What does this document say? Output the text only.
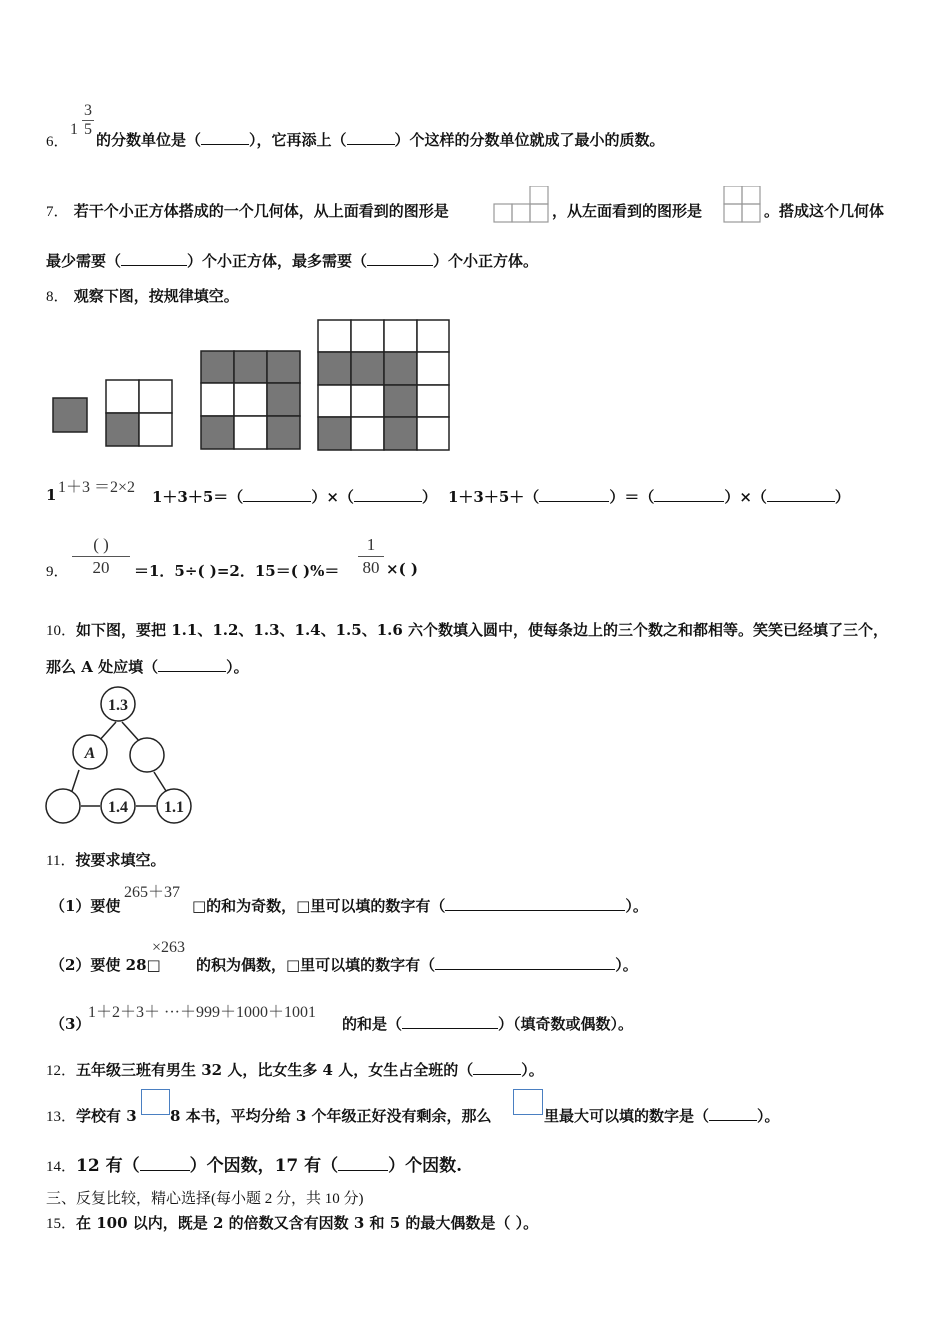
6．
$1 \frac{3}{5}$
的分数单位是（	），它再添上（	）个这样的分数单位就成了最小的质数。
7． 若干个小正方体搭成的一个几何体，从上面看到的图形是	，从左面看到的图形是	。搭成这个几何体
最少需要（	）个小正方体，最多需要（	）个小正方体。
8． 观察下图，按规律填空。
1 1＋3 ＝2×2
1＋3＋5＝（	）×（	） 1＋3＋5＋（	）＝（	）×（	）
9． $\frac{( )}{20} =1$．5÷( )=2．15＝( )%＝ $\frac{1}{80}$ ×( )
10．如下图，要把 1.1、1.2、1.3、1.4、1.5、1.6 六个数填入圆中，使每条边上的三个数之和都相等。笑笑已经填了三个，
那么 A 处应填（	）。
1.3
A
1.4 1.1
11．按要求填空。
（1）要使
265＋37
□的和为奇数，□里可以填的数字有（	）。
（2）要使 28□
×263
的积为偶数，□里可以填的数字有（	）。
（3）
1＋2＋3＋ ···＋999＋1000＋1001
的和是（	）（填奇数或偶数）。
12．五年级三班有男生 32 人，比女生多 4 人，女生占全班的（	）。
13．学校有 3 8 本书，平均分给 3 个年级正好没有剩余，那么	里最大可以填的数字是（	）。
14．12 有（	）个因数，17 有（	）个因数.
三、反复比较，精心选择(每小题 2 分，共 10 分)
15．在 100 以内，既是 2 的倍数又含有因数 3 和 5 的最大偶数是（ ）。
